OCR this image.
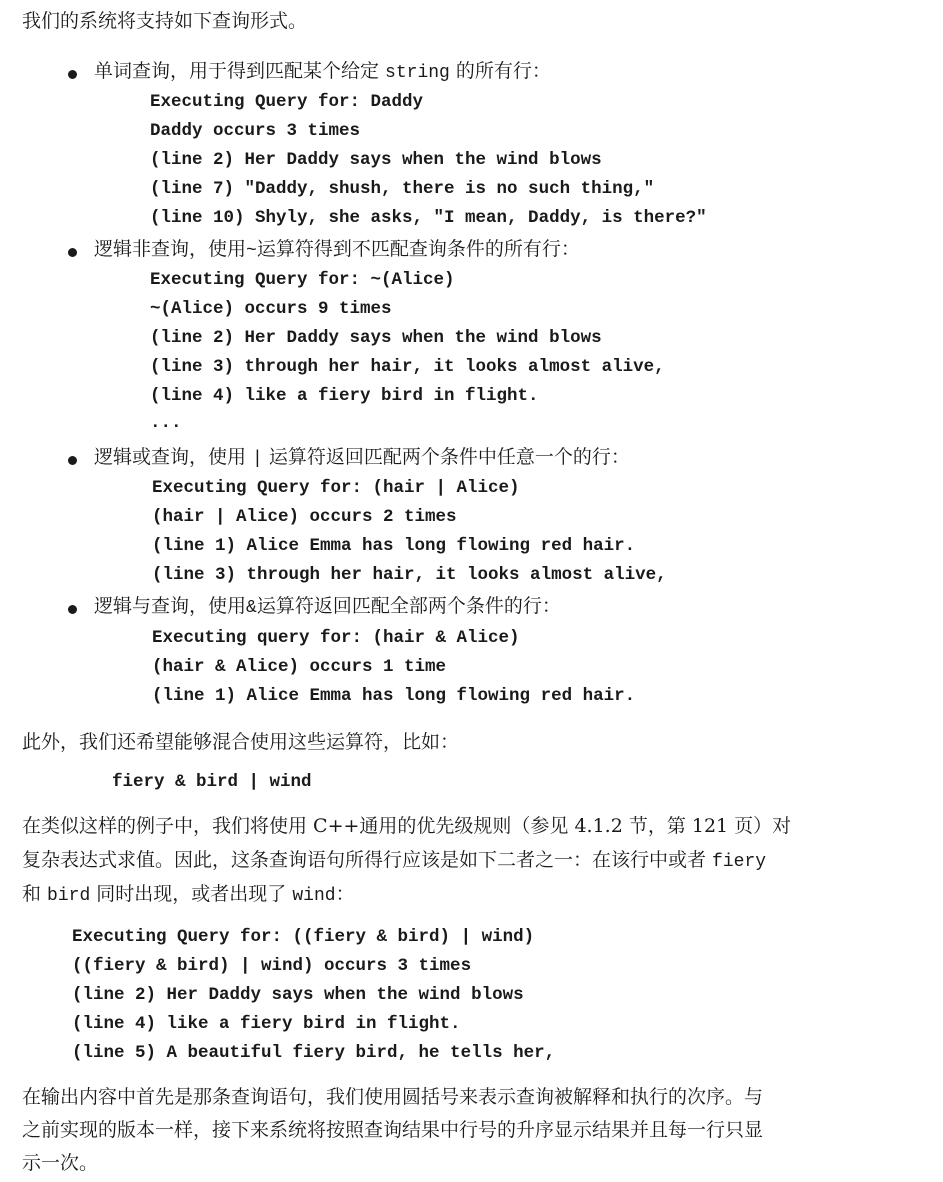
我们的系统将支持如下查询形式。
单词查询，用于得到匹配某个给定 string 的所有行：
Executing Query for: Daddy
Daddy occurs 3 times
(line 2) Her Daddy says when the wind blows
(line 7) "Daddy, shush, there is no such thing,"
(line 10) Shyly, she asks, "I mean, Daddy, is there?"
逻辑非查询，使用~运算符得到不匹配查询条件的所有行：
Executing Query for: ~(Alice)
~(Alice) occurs 9 times
(line 2) Her Daddy says when the wind blows
(line 3) through her hair, it looks almost alive,
(line 4) like a fiery bird in flight.
...
逻辑或查询，使用 | 运算符返回匹配两个条件中任意一个的行：
Executing Query for: (hair | Alice)
(hair | Alice) occurs 2 times
(line 1) Alice Emma has long flowing red hair.
(line 3) through her hair, it looks almost alive,
逻辑与查询，使用&运算符返回匹配全部两个条件的行：
Executing query for: (hair & Alice)
(hair & Alice) occurs 1 time
(line 1) Alice Emma has long flowing red hair.
此外，我们还希望能够混合使用这些运算符，比如：
fiery & bird | wind
在类似这样的例子中，我们将使用 C++通用的优先级规则（参见 4.1.2 节，第 121 页）对
复杂表达式求值。因此，这条查询语句所得行应该是如下二者之一：在该行中或者 fiery
和 bird 同时出现，或者出现了 wind：
Executing Query for: ((fiery & bird) | wind)
((fiery & bird) | wind) occurs 3 times
(line 2) Her Daddy says when the wind blows
(line 4) like a fiery bird in flight.
(line 5) A beautiful fiery bird, he tells her,
在输出内容中首先是那条查询语句，我们使用圆括号来表示查询被解释和执行的次序。与
之前实现的版本一样，接下来系统将按照查询结果中行号的升序显示结果并且每一行只显
示一次。
